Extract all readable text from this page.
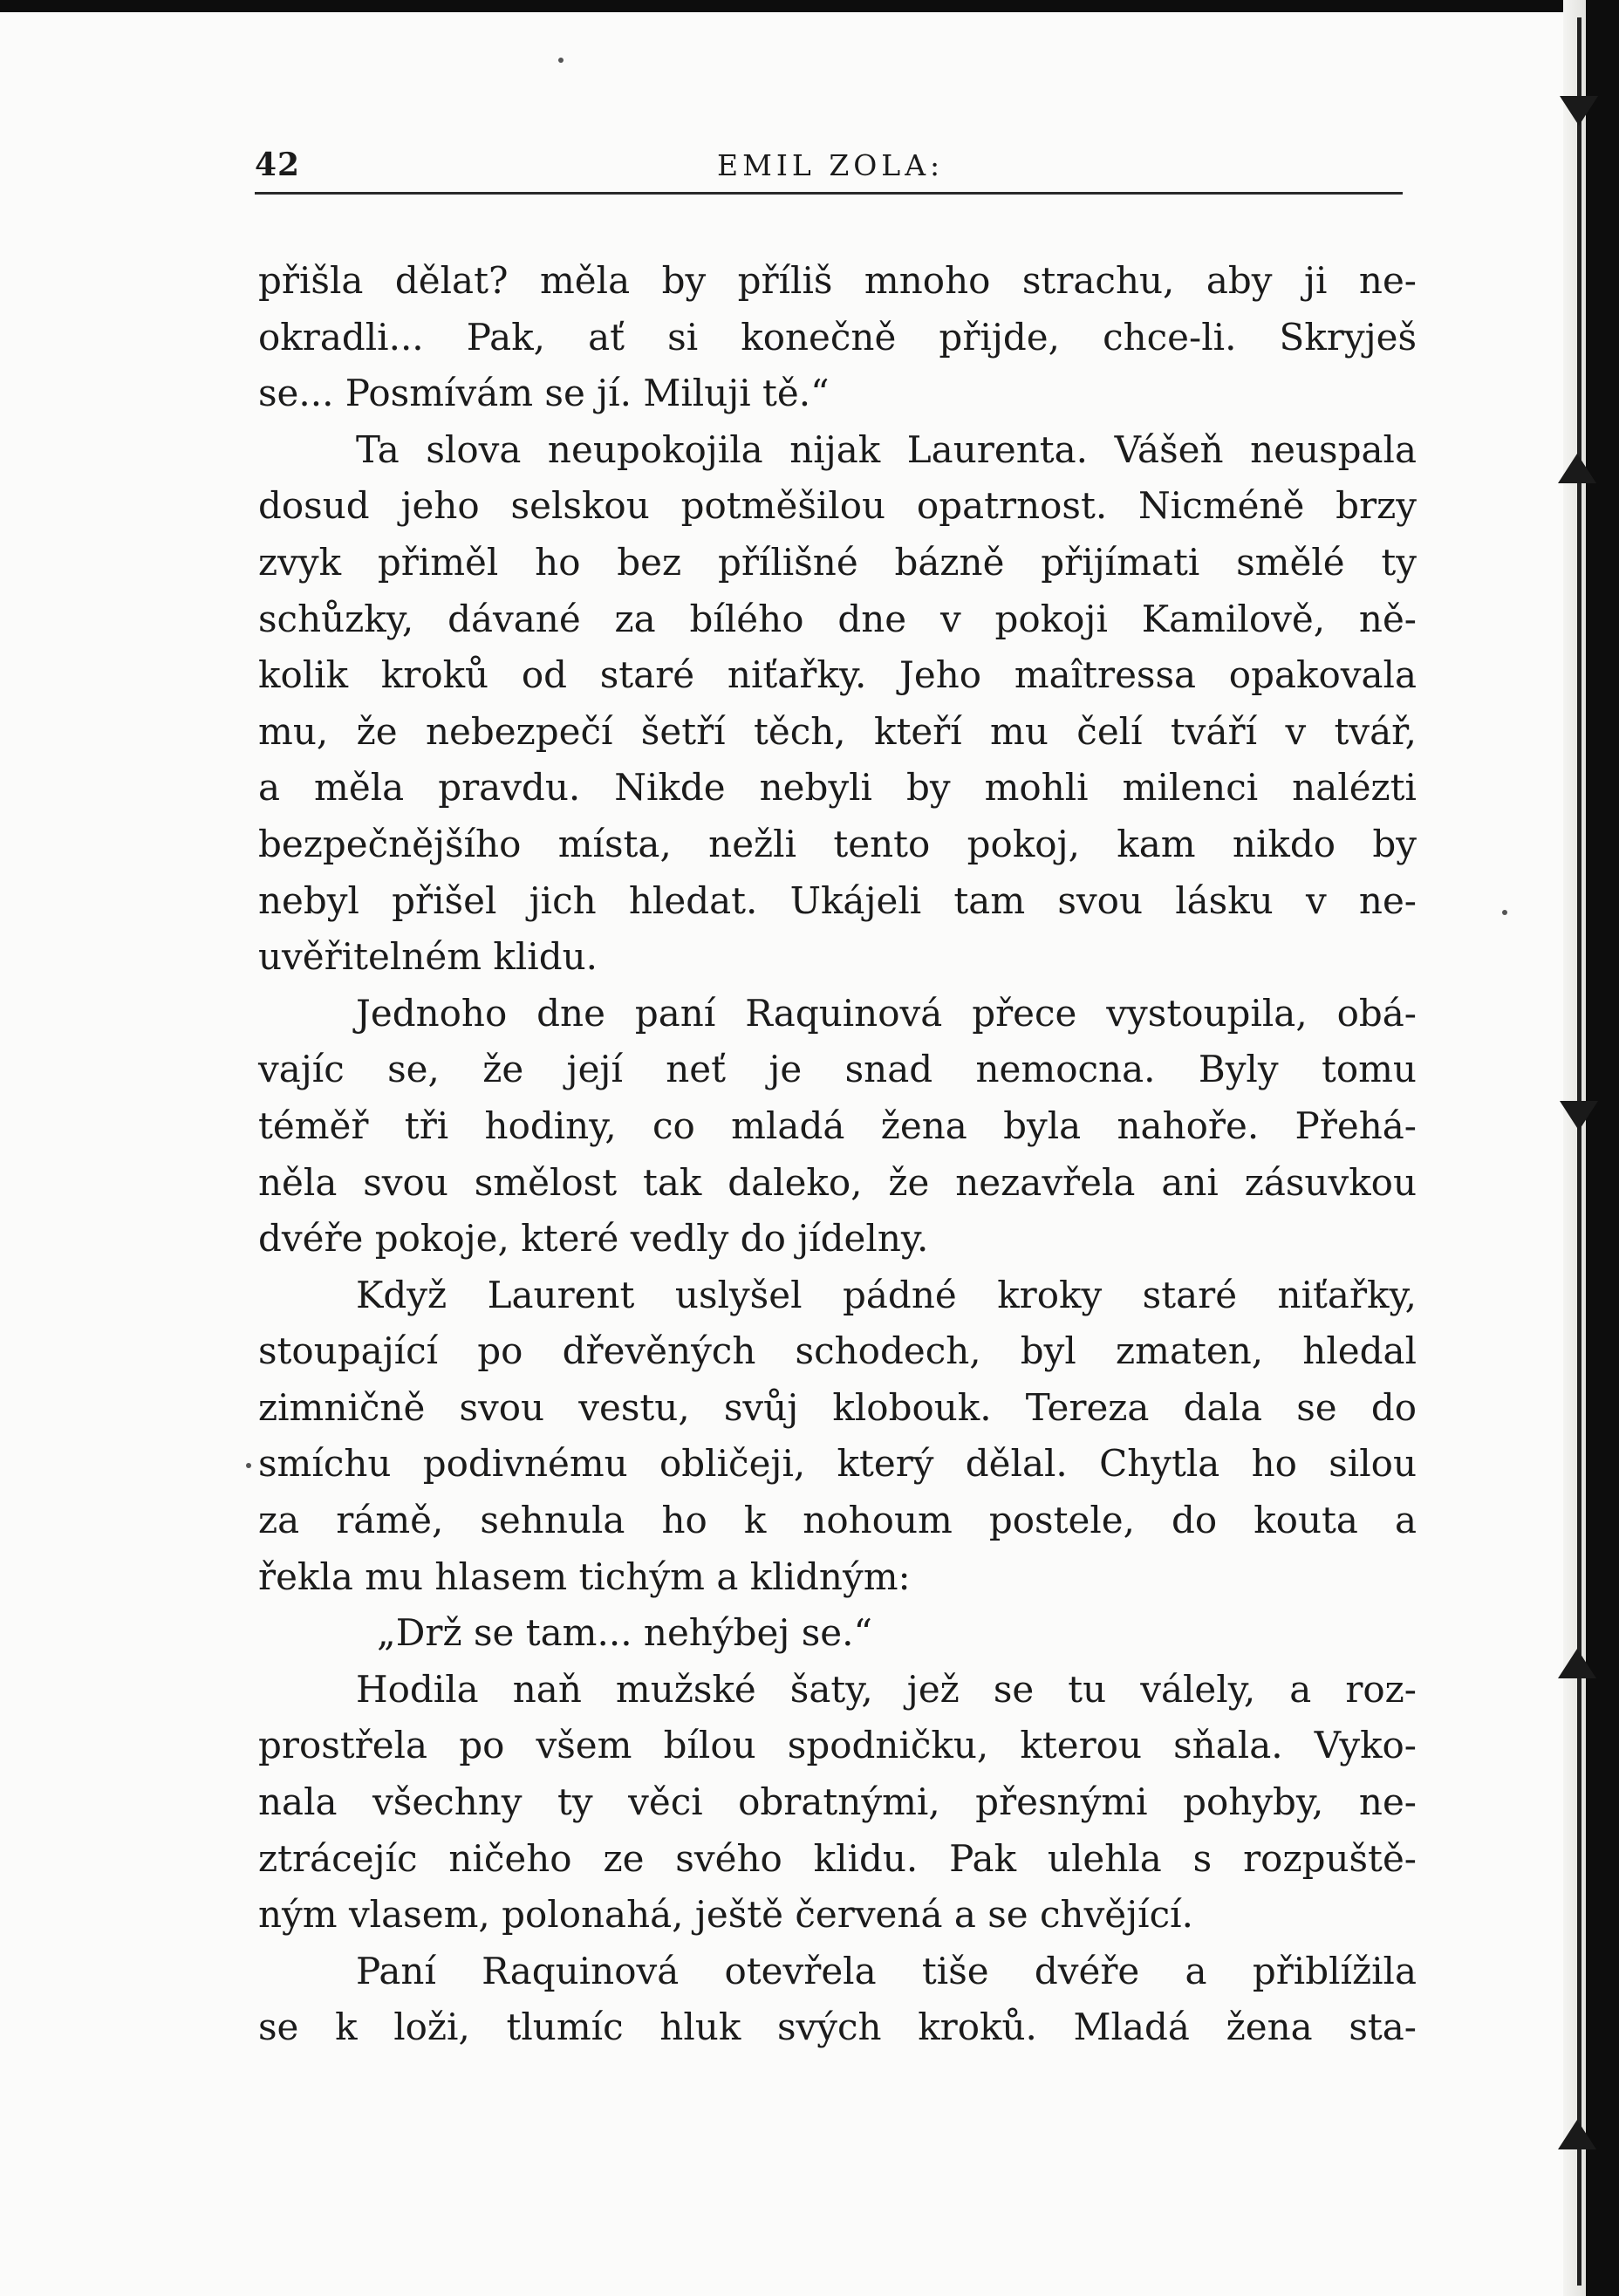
42	EMIL ZOLA:
přišla dělat? měla by příliš mnoho strachu, aby ji ne-
okradli... Pak, ať si konečně přijde, chce-li. Skryješ
se... Posmívám se jí. Miluji tě.“
Ta slova neupokojila nijak Laurenta. Vášeň neuspala
dosud jeho selskou potměšilou opatrnost. Nicméně brzy
zvyk přiměl ho bez přílišné bázně přijímati smělé ty
schůzky, dávané za bílého dne v pokoji Kamilově, ně-
kolik kroků od staré niťařky. Jeho maîtressa opakovala
mu, že nebezpečí šetří těch, kteří mu čelí tváří v tvář,
a měla pravdu. Nikde nebyli by mohli milenci nalézti
bezpečnějšího místa, nežli tento pokoj, kam nikdo by
nebyl přišel jich hledat. Ukájeli tam svou lásku v ne-
uvěřitelném klidu.
Jednoho dne paní Raquinová přece vystoupila, obá-
vajíc se, že její neť je snad nemocna. Byly tomu
téměř tři hodiny, co mladá žena byla nahoře. Přehá-
něla svou smělost tak daleko, že nezavřela ani zásuvkou
dvéře pokoje, které vedly do jídelny.
Když Laurent uslyšel pádné kroky staré niťařky,
stoupající po dřevěných schodech, byl zmaten, hledal
zimničně svou vestu, svůj klobouk. Tereza dala se do
smíchu podivnému obličeji, který dělal. Chytla ho silou
za rámě, sehnula ho k nohoum postele, do kouta a
řekla mu hlasem tichým a klidným:
„Drž se tam... nehýbej se.“
Hodila naň mužské šaty, jež se tu válely, a roz-
prostřela po všem bílou spodničku, kterou sňala. Vyko-
nala všechny ty věci obratnými, přesnými pohyby, ne-
ztrácejíc ničeho ze svého klidu. Pak ulehla s rozpuště-
ným vlasem, polonahá, ještě červená a se chvějící.
Paní Raquinová otevřela tiše dvéře a přiblížila
se k loži, tlumíc hluk svých kroků. Mladá žena sta-
